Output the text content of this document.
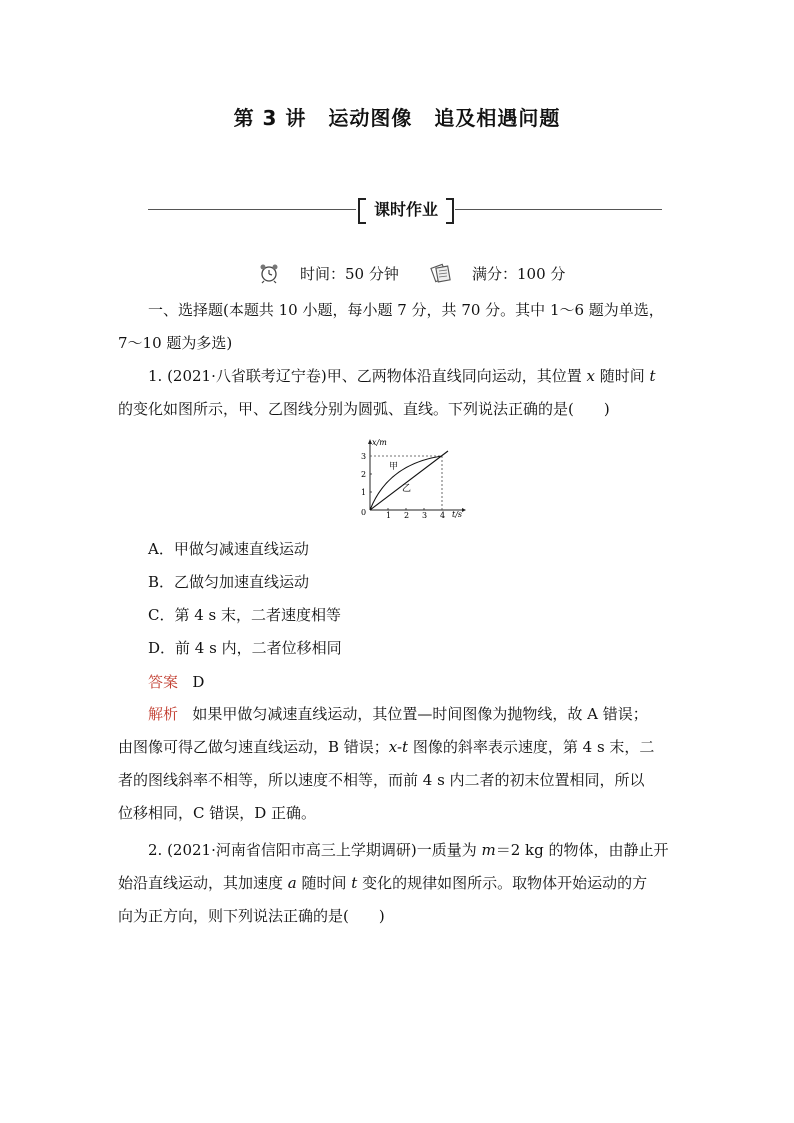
第 3 讲 运动图像 追及相遇问题
课时作业
时间：50 分钟	满分：100 分
一、选择题(本题共 10 小题，每小题 7 分，共 70 分。其中 1～6 题为单选，
7～10 题为多选)
1. (2021·八省联考辽宁卷)甲、乙两物体沿直线同向运动，其位置 x 随时间 t
的变化如图所示，甲、乙图线分别为圆弧、直线。下列说法正确的是(　　)
x/m
t/s
0
1
2
3
1 2 3 4
甲
乙
A．甲做匀减速直线运动
B．乙做匀加速直线运动
C．第 4 s 末，二者速度相等
D．前 4 s 内，二者位移相同
答案 D
解析 如果甲做匀减速直线运动，其位置—时间图像为抛物线，故 A 错误；
由图像可得乙做匀速直线运动，B 错误；x-t 图像的斜率表示速度，第 4 s 末，二
者的图线斜率不相等，所以速度不相等，而前 4 s 内二者的初末位置相同，所以
位移相同，C 错误，D 正确。
2. (2021·河南省信阳市高三上学期调研)一质量为 m＝2 kg 的物体，由静止开
始沿直线运动，其加速度 a 随时间 t 变化的规律如图所示。取物体开始运动的方
向为正方向，则下列说法正确的是(　　)
